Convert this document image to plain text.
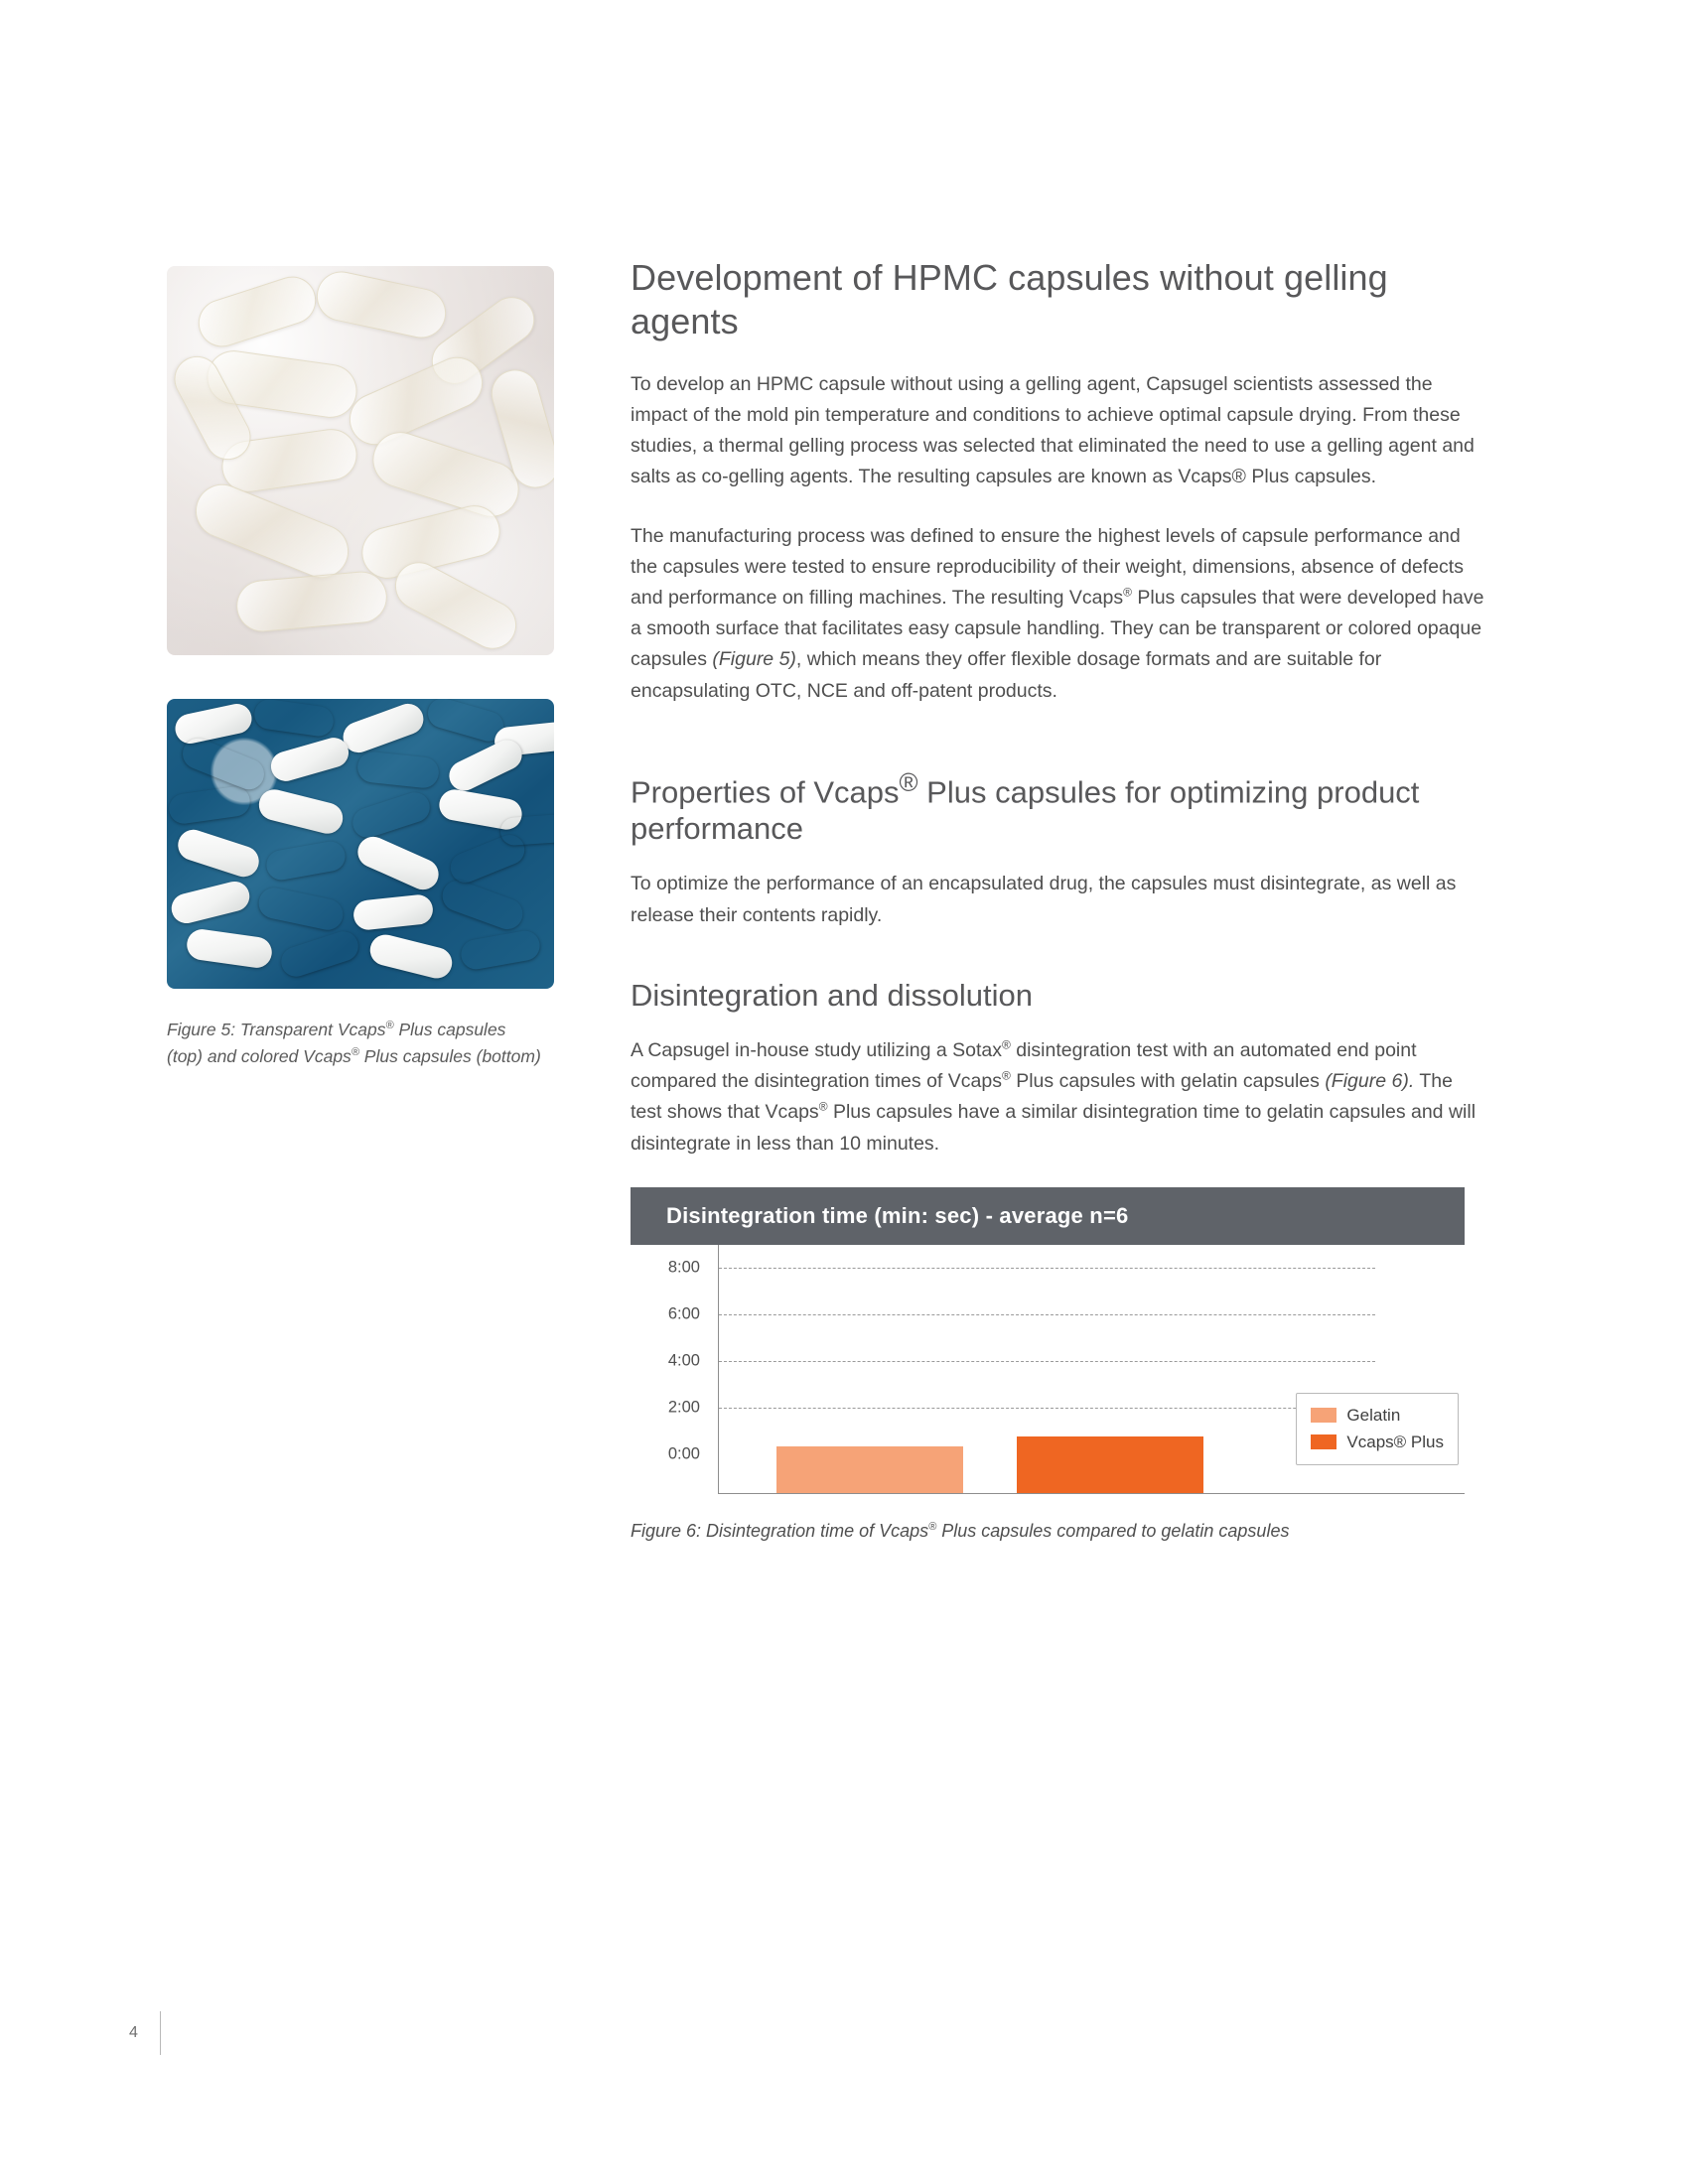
Figure 5: Transparent Vcaps® Plus capsules (top) and colored Vcaps® Plus capsules (bottom)
Development of HPMC capsules without gelling agents

To develop an HPMC capsule without using a gelling agent, Capsugel scientists assessed the impact of the mold pin temperature and conditions to achieve optimal capsule drying. From these studies, a thermal gelling process was selected that eliminated the need to use a gelling agent and salts as co-gelling agents. The resulting capsules are known as Vcaps® Plus capsules.

The manufacturing process was defined to ensure the highest levels of capsule performance and the capsules were tested to ensure reproducibility of their weight, dimensions, absence of defects and performance on filling machines. The resulting Vcaps® Plus capsules that were developed have a smooth surface that facilitates easy capsule handling. They can be transparent or colored opaque capsules (Figure 5), which means they offer flexible dosage formats and are suitable for encapsulating OTC, NCE and off-patent products.

Properties of Vcaps® Plus capsules for optimizing product performance

To optimize the performance of an encapsulated drug, the capsules must disintegrate, as well as release their contents rapidly.

Disintegration and dissolution

A Capsugel in-house study utilizing a Sotax® disintegration test with an automated end point compared the disintegration times of Vcaps® Plus capsules with gelatin capsules (Figure 6). The test shows that Vcaps® Plus capsules have a similar disintegration time to gelatin capsules and will disintegrate in less than 10 minutes.

Disintegration time (min: sec) - average n=6
0:00
2:00
4:00
6:00
8:00
Gelatin
Vcaps® Plus
Figure 6: Disintegration time of Vcaps® Plus capsules compared to gelatin capsules
4
